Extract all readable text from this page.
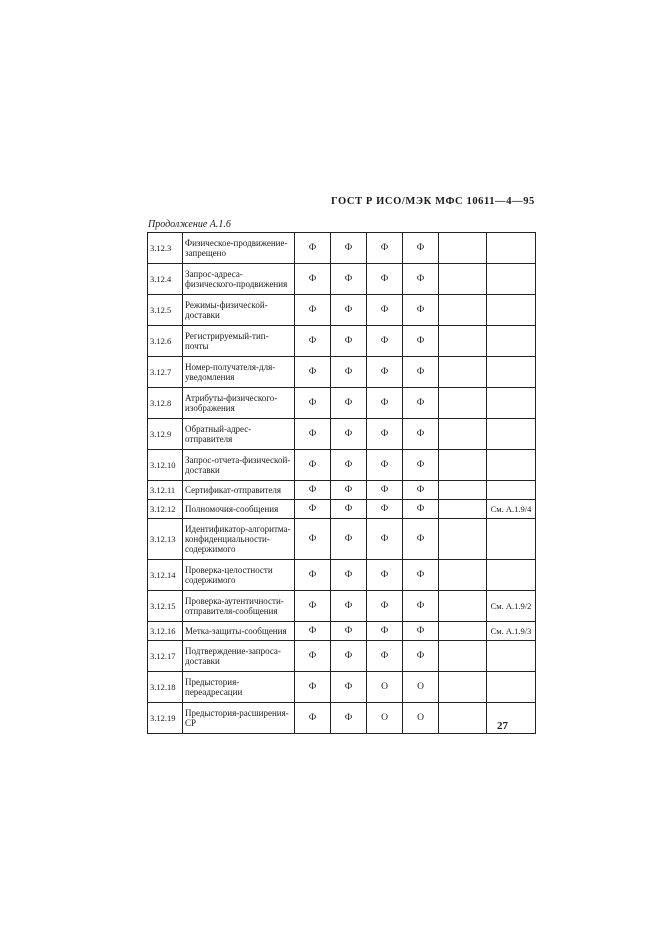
ГОСТ Р ИСО/МЭК МФС 10611—4—95
Продолжение А.1.6
3.12.3	Физическое-продвижение-запрещено	Ф	Ф	Ф	Ф		
3.12.4	Запрос-адреса-физического-продвижения	Ф	Ф	Ф	Ф		
3.12.5	Режимы-физической-доставки	Ф	Ф	Ф	Ф		
3.12.6	Регистрируемый-тип-почты	Ф	Ф	Ф	Ф		
3.12.7	Номер-получателя-для-уведомления	Ф	Ф	Ф	Ф		
3.12.8	Атрибуты-физического-изображения	Ф	Ф	Ф	Ф		
3.12.9	Обратный-адрес-отправителя	Ф	Ф	Ф	Ф		
3.12.10	Запрос-отчета-физической-доставки	Ф	Ф	Ф	Ф		
3.12.11	Сертификат-отправителя	Ф	Ф	Ф	Ф		
3.12.12	Полномочия-сообщения	Ф	Ф	Ф	Ф		См. А.1.9/4
3.12.13	Идентификатор-алгоритма-конфиденциальности-содержимого	Ф	Ф	Ф	Ф		
3.12.14	Проверка-целостности содержимого	Ф	Ф	Ф	Ф		
3.12.15	Проверка-аутентичности-отправителя-сообщения	Ф	Ф	Ф	Ф		См. А.1.9/2
3.12.16	Метка-защиты-сообщения	Ф	Ф	Ф	Ф		См. А.1.9/3
3.12.17	Подтверждение-запроса-доставки	Ф	Ф	Ф	Ф		
3.12.18	Предыстория-переадресации	Ф	Ф	О	О		
3.12.19	Предыстория-расширения-СР	Ф	Ф	О	О		
27
